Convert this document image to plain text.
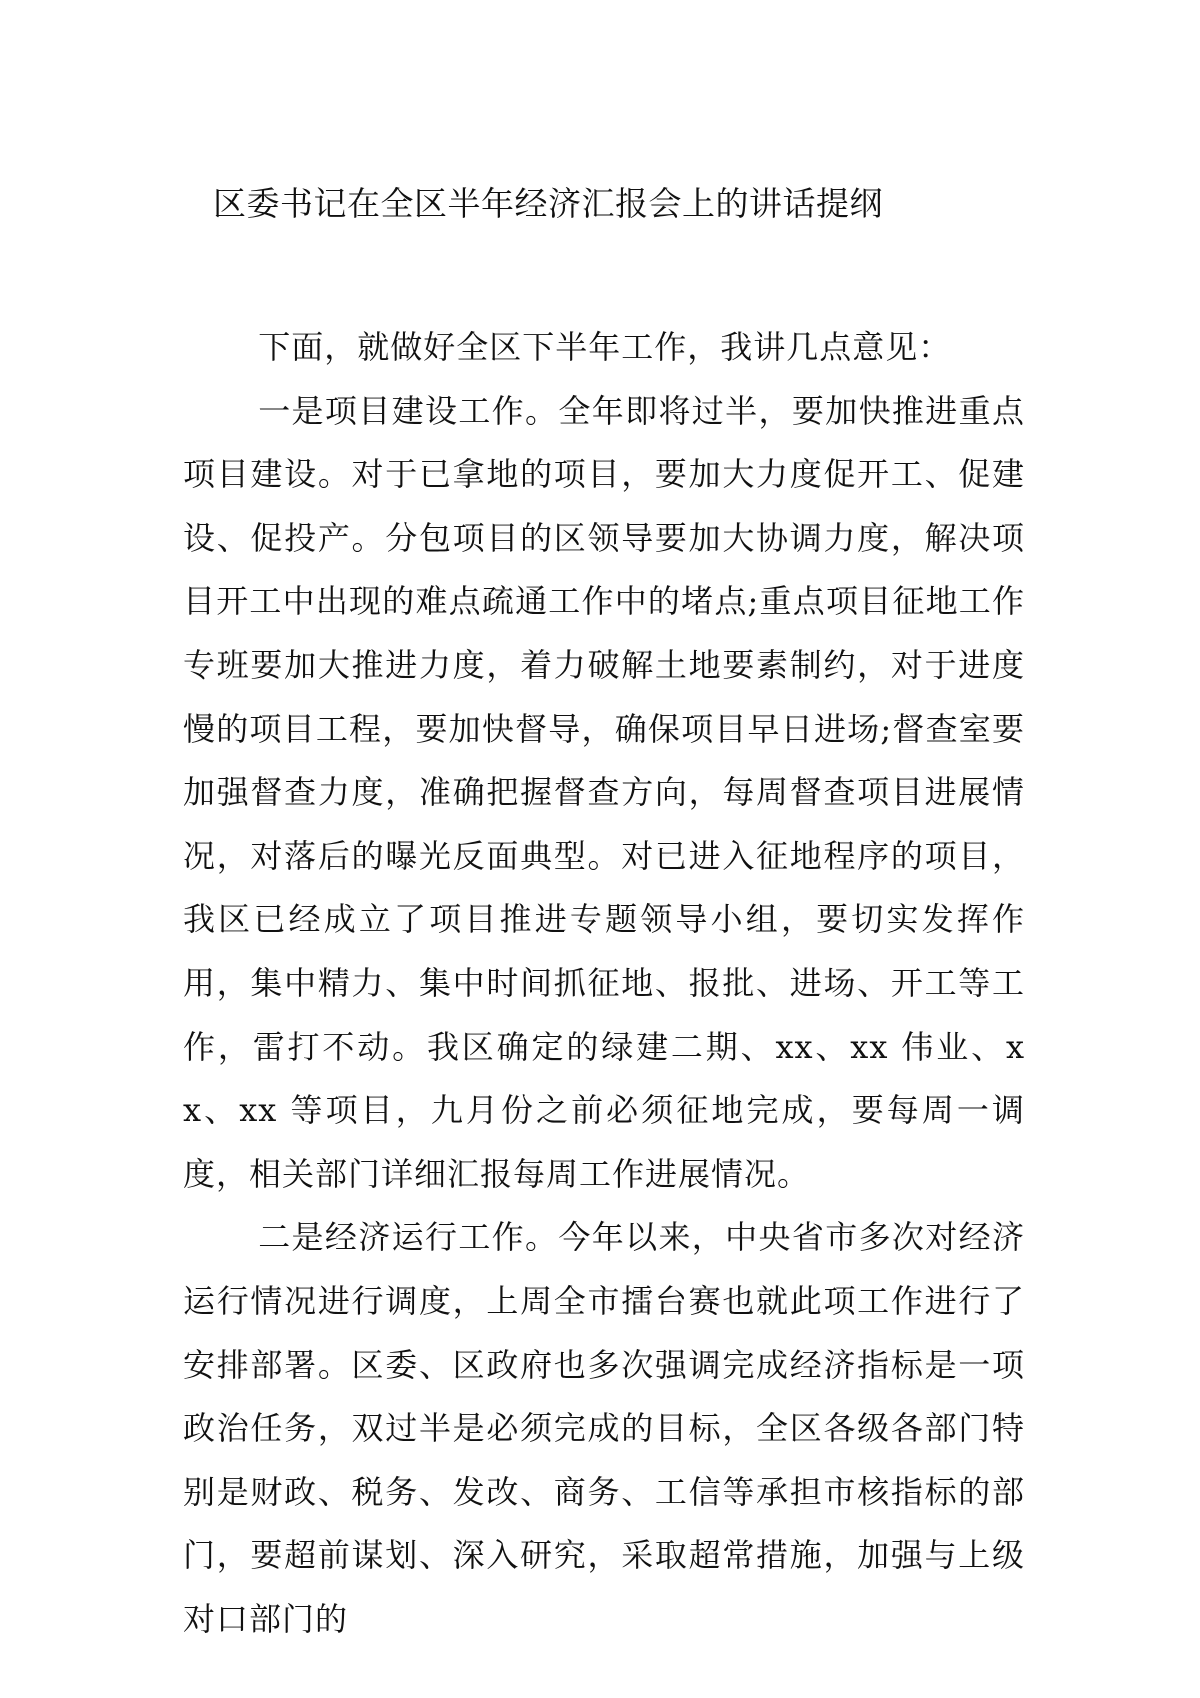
区委书记在全区半年经济汇报会上的讲话提纲

下面，就做好全区下半年工作，我讲几点意见：

一是项目建设工作。全年即将过半，要加快推进重点项目建设。对于已拿地的项目，要加大力度促开工、促建设、促投产。分包项目的区领导要加大协调力度，解决项目开工中出现的难点疏通工作中的堵点;重点项目征地工作专班要加大推进力度，着力破解土地要素制约，对于进度慢的项目工程，要加快督导，确保项目早日进场;督查室要加强督查力度，准确把握督查方向，每周督查项目进展情况，对落后的曝光反面典型。对已进入征地程序的项目，我区已经成立了项目推进专题领导小组，要切实发挥作用，集中精力、集中时间抓征地、报批、进场、开工等工作，雷打不动。我区确定的绿建二期、xx、xx 伟业、xx、xx 等项目，九月份之前必须征地完成，要每周一调度，相关部门详细汇报每周工作进展情况。

二是经济运行工作。今年以来，中央省市多次对经济运行情况进行调度，上周全市擂台赛也就此项工作进行了安排部署。区委、区政府也多次强调完成经济指标是一项政治任务，双过半是必须完成的目标，全区各级各部门特别是财政、税务、发改、商务、工信等承担市核指标的部门，要超前谋划、深入研究，采取超常措施，加强与上级对口部门的
